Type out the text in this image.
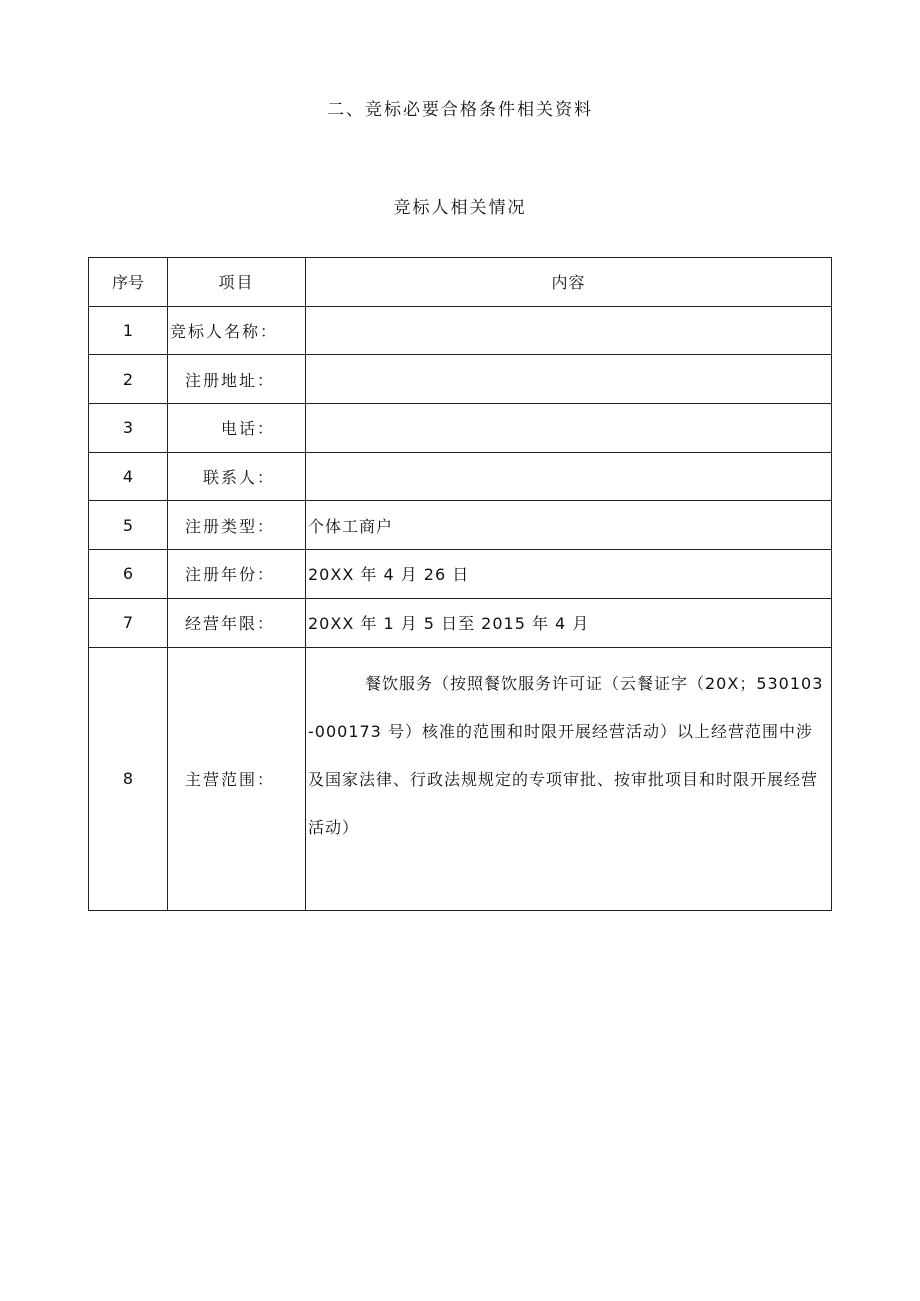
二、竞标必要合格条件相关资料
竞标人相关情况
序号	项目	内容
1	竞标人名称：	
2	注册地址：	
3	电话：	
4	联系人：	
5	注册类型：	个体工商户
6	注册年份：	20XX 年 4 月 26 日
7	经营年限：	20XX 年 1 月 5 日至 2015 年 4 月
8	主营范围：	餐饮服务（按照餐饮服务许可证（云餐证字（20X；530103-000173 号）核准的范围和时限开展经营活动）以上经营范围中涉及国家法律、行政法规规定的专项审批、按审批项目和时限开展经营活动）
